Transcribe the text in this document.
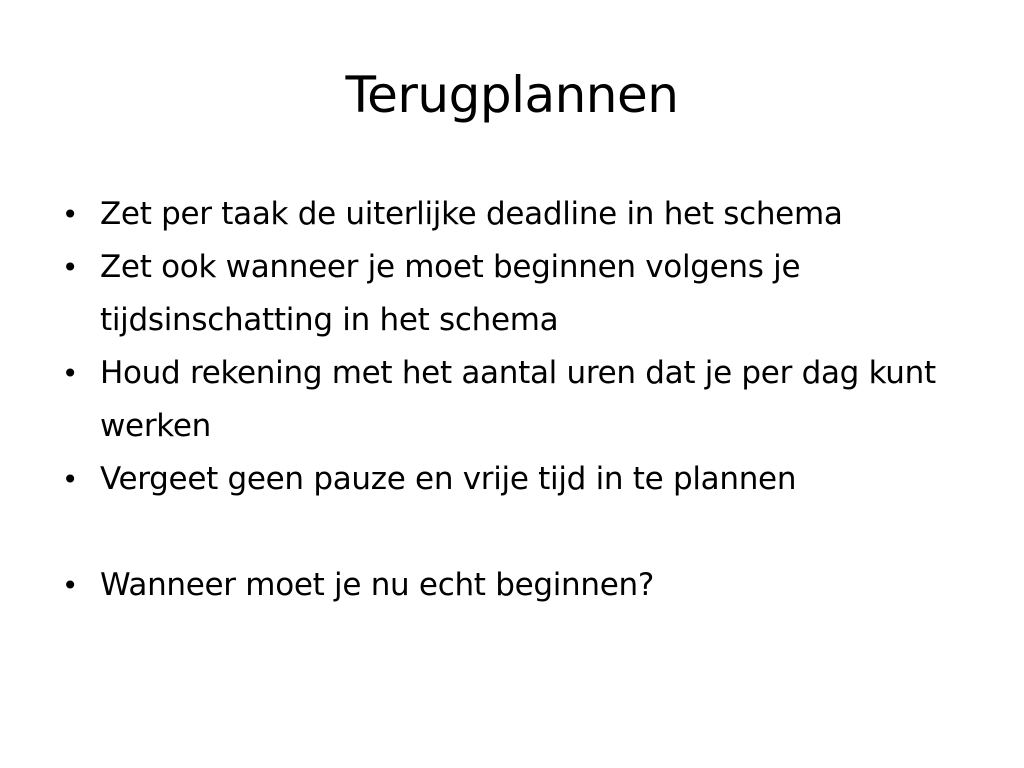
Terugplannen
• Zet per taak de uiterlijke deadline in het schema
• Zet ook wanneer je moet beginnen volgens je tijdsinschatting in het schema
• Houd rekening met het aantal uren dat je per dag kunt werken
• Vergeet geen pauze en vrije tijd in te plannen
• Wanneer moet je nu echt beginnen?
